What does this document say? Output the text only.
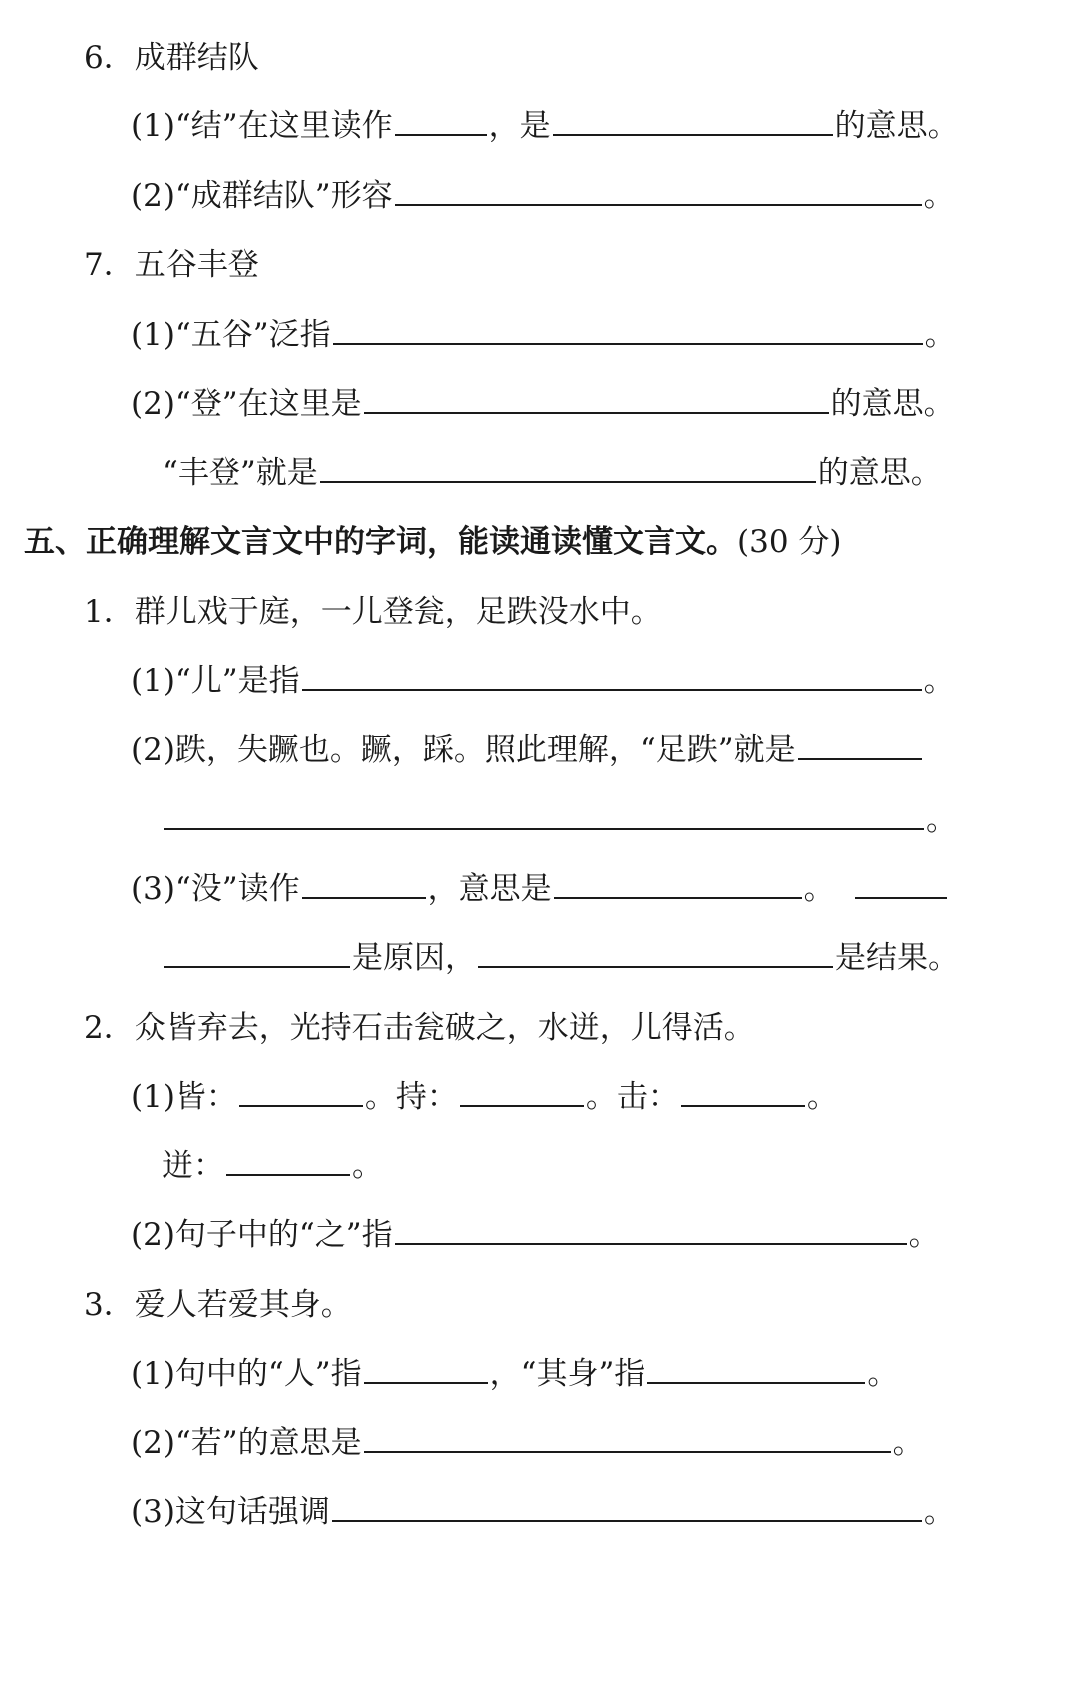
6．成群结队
(1)“结”在这里读作	，是	的意思。
(2)“成群结队”形容	。
7．五谷丰登
(1)“五谷”泛指	。
(2)“登”在这里是	的意思。
“丰登”就是	的意思。
五、正确理解文言文中的字词，能读通读懂文言文。(30 分)
1．群儿戏于庭，一儿登瓮，足跌没水中。
(1)“儿”是指	。
(2)跌，失蹶也。蹶，踩。照此理解，“足跌”就是
。
(3)“没”读作	，意思是	。
是原因，	是结果。
2．众皆弃去，光持石击瓮破之，水迸，儿得活。
(1)皆：	。持：	。击：	。
迸：	。
(2)句子中的“之”指	。
3．爱人若爱其身。
(1)句中的“人”指	，“其身”指	。
(2)“若”的意思是	。
(3)这句话强调	。
